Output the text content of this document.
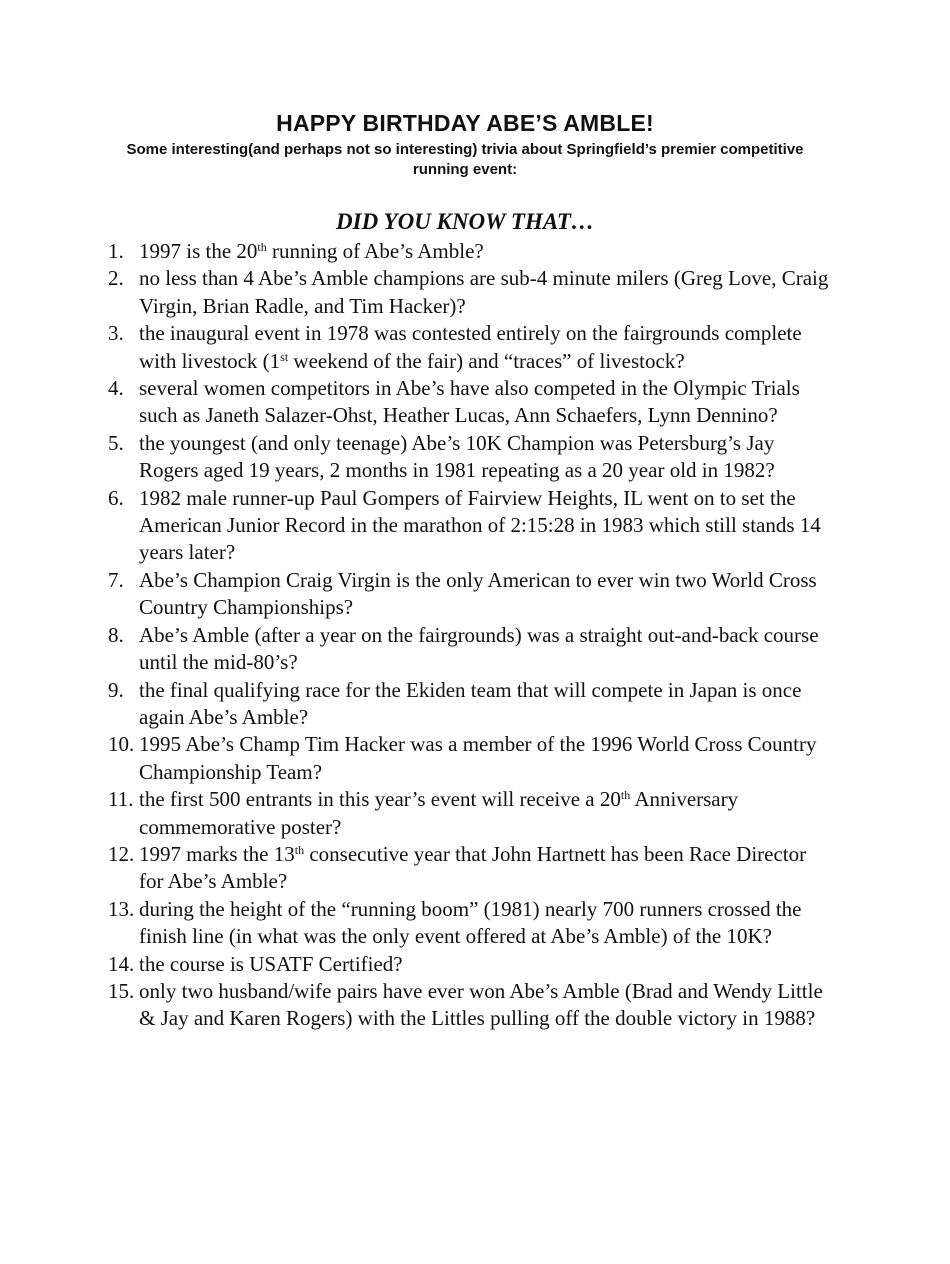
HAPPY BIRTHDAY ABE’S AMBLE!
Some interesting(and perhaps not so interesting) trivia about Springfield’s premier competitive running event:
DID YOU KNOW THAT…
1. 1997 is the 20th running of Abe’s Amble?
2. no less than 4 Abe’s Amble champions are sub-4 minute milers (Greg Love, Craig Virgin, Brian Radle, and Tim Hacker)?
3. the inaugural event in 1978 was contested entirely on the fairgrounds complete with livestock (1st weekend of the fair) and “traces” of livestock?
4. several women competitors in Abe’s have also competed in the Olympic Trials such as Janeth Salazer-Ohst, Heather Lucas, Ann Schaefers, Lynn Dennino?
5. the youngest (and only teenage) Abe’s 10K Champion was Petersburg’s Jay Rogers aged 19 years, 2 months in 1981 repeating as a 20 year old in 1982?
6. 1982 male runner-up Paul Gompers of Fairview Heights, IL went on to set the American Junior Record in the marathon of 2:15:28 in 1983 which still stands 14 years later?
7. Abe’s Champion Craig Virgin is the only American to ever win two World Cross Country Championships?
8. Abe’s Amble (after a year on the fairgrounds) was a straight out-and-back course until the mid-80’s?
9. the final qualifying race for the Ekiden team that will compete in Japan is once again Abe’s Amble?
10. 1995 Abe’s Champ Tim Hacker was a member of the 1996 World Cross Country Championship Team?
11. the first 500 entrants in this year’s event will receive a 20th Anniversary commemorative poster?
12. 1997 marks the 13th consecutive year that John Hartnett has been Race Director for Abe’s Amble?
13. during the height of the “running boom” (1981) nearly 700 runners crossed the finish line (in what was the only event offered at Abe’s Amble) of the 10K?
14. the course is USATF Certified?
15. only two husband/wife pairs have ever won Abe’s Amble (Brad and Wendy Little & Jay and Karen Rogers) with the Littles pulling off the double victory in 1988?
